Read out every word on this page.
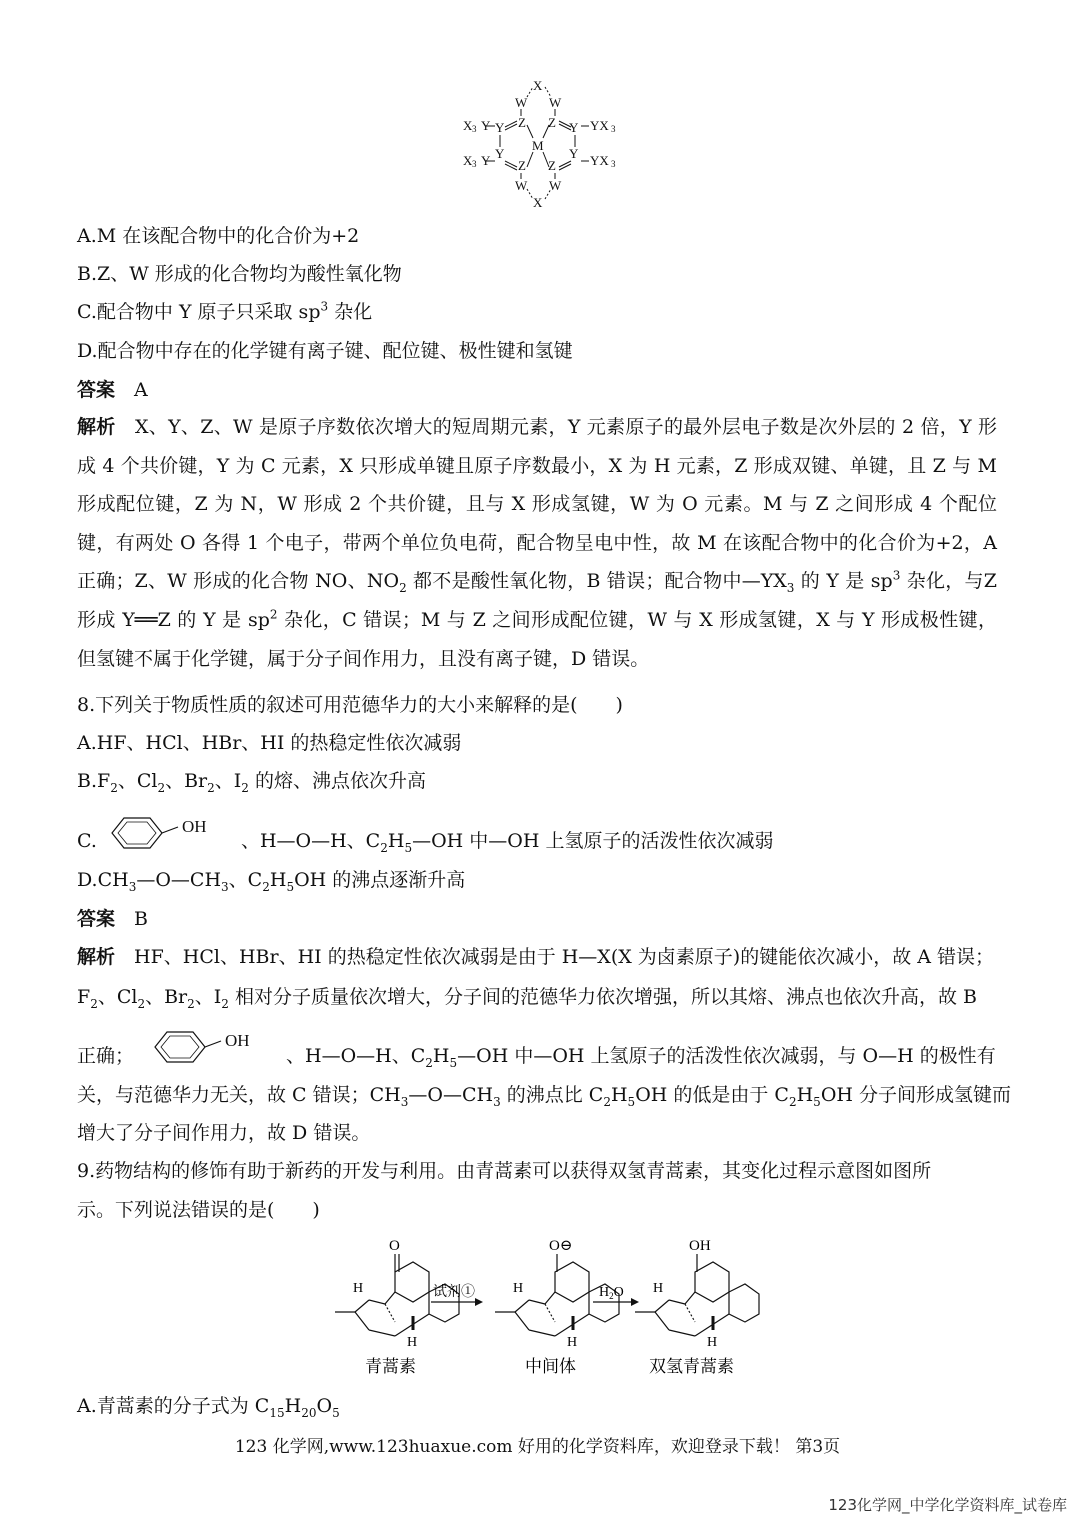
X
W W
Z Z
Y	Y
X	YX
M
Y	Y
X	YX
Z Z
W W
X
3
3
3
3
Y
Y
A.M 在该配合物中的化合价为+2
B.Z、W 形成的化合物均为酸性氧化物
C.配合物中 Y 原子只采取 $sp^3$ 杂化
D.配合物中存在的化学键有离子键、配位键、极性键和氢键
答案　 A
解析　 X、Y、Z、W 是原子序数依次增大的短周期元素，Y 元素原子的最外层电子数是次外层的 2 倍，Y 形成 4 个共价键，Y 为 C 元素，X 只形成单键且原子序数最小，X 为 H 元素，Z 形成双键、单键，且 Z 与 M 形成配位键，Z 为 N，W 形成 2 个共价键，且与 X 形成氢键，W 为 O 元素。M 与 Z 之间形成 4 个配位键，有两处 O 各得 1 个电子，带两个单位负电荷，配合物呈电中性，故 M 在该配合物中的化合价为+2，A 正确；Z、W 形成的化合物 NO、$NO_2$ 都不是酸性氧化物，B 错误；配合物中$—YX_3$ 的 Y 是 $sp^3$ 杂化，与Z 形成 Y══Z 的 Y 是 $sp^2$ 杂化，C 错误；M 与 Z 之间形成配位键，W 与 X 形成氢键，X 与 Y 形成极性键，但氢键不属于化学键，属于分子间作用力，且没有离子键，D 错误。
8.下列关于物质性质的叙述可用范德华力的大小来解释的是(　　)
A.HF、HCl、HBr、HI 的热稳定性依次减弱
$B.F_2$、$Cl_2$、$Br_2$、$I_2$ 的熔、沸点依次升高
C.	、H—O—H、$C_2H_5—OH$ 中—OH 上氢原子的活泼性依次减弱
OH
$D.CH_3—O—CH_3$、$C_2H_5OH$ 的沸点逐渐升高
答案　 B
解析　 HF、HCl、HBr、HI 的热稳定性依次减弱是由于 H—X(X 为卤素原子)的键能依次减小，故 A 错误；
$F_2$、$Cl_2$、$Br_2$、$I_2$ 相对分子质量依次增大，分子间的范德华力依次增强，所以其熔、沸点也依次升高，故 B
正确；	、H—O—H、$C_2H_5—OH$ 中—OH 上氢原子的活泼性依次减弱，与 O—H 的极性有
OH
关，与范德华力无关，故 C 错误；$CH_3—O—CH_3$ 的沸点比 $C_2H_5OH$ 的低是由于 $C_2H_5OH$ 分子间形成氢键而
增大了分子间作用力，故 D 错误。
9.药物结构的修饰有助于新药的开发与利用。由青蒿素可以获得双氢青蒿素，其变化过程示意图如图所
示。下列说法错误的是(　　)
O
H
H
青蒿素
试剂①
O⊖
H
H
中间体
$H_2O$
OH
H
H
双氢青蒿素
A.青蒿素的分子式为 $C_{15}H_{20}O_5$
123 化学网,www.123huaxue.com 好用的化学资料库，欢迎登录下载！ 第3页
123化学网_中学化学资料库_试卷库
